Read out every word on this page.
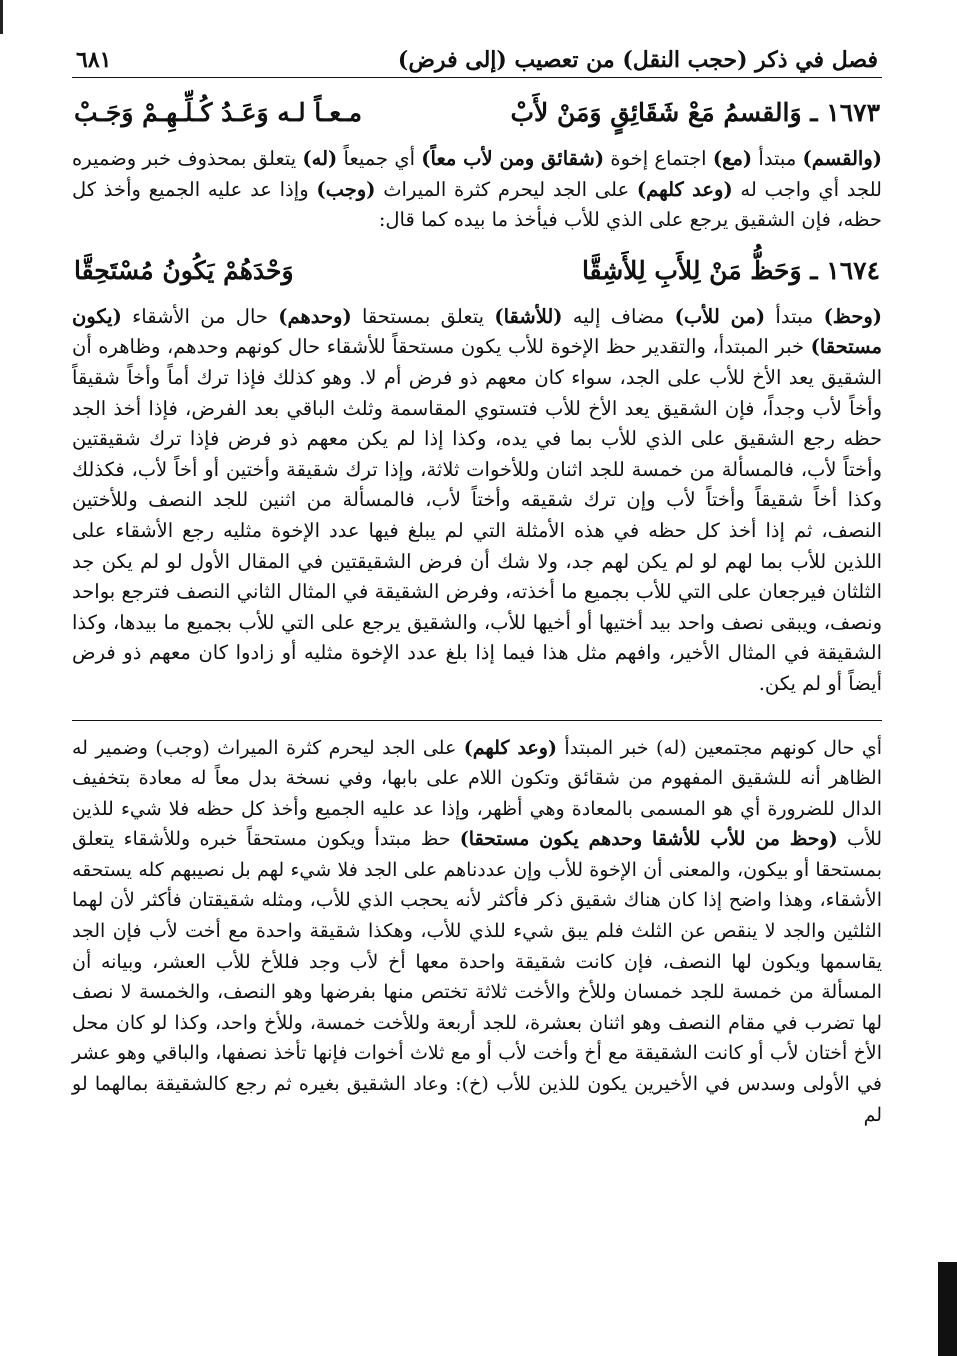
فصل في ذكر (حجب النقل) من تعصيب (إلى فرض)
٦٨١
١٦٧٣ ـ وَالقسمُ مَعْ شَقَائِقٍ وَمَنْ لأَبْ
مـعـاً لـه وَعَـدُ كُـلِّـهِـمْ وَجَـبْ

(والقسم) مبتدأ (مع) اجتماع إخوة (شقائق ومن لأب معاً) أي جميعاً (له) يتعلق بمحذوف خبر وضميره للجد أي واجب له (وعد كلهم) على الجد ليحرم كثرة الميراث (وجب) وإذا عد عليه الجميع وأخذ كل حظه، فإن الشقيق يرجع على الذي للأب فيأخذ ما بيده كما قال:

١٦٧٤ ـ وَحَظُّ مَنْ لِلأَبِ لِلأَشِقَّا
وَحْدَهُمْ يَكُونُ مُسْتَحِقَّا

(وحظ) مبتدأ (من للأب) مضاف إليه (للأشقا) يتعلق بمستحقا (وحدهم) حال من الأشقاء (يكون مستحقا) خبر المبتدأ، والتقدير حظ الإخوة للأب يكون مستحقاً للأشقاء حال كونهم وحدهم، وظاهره أن الشقيق يعد الأخ للأب على الجد، سواء كان معهم ذو فرض أم لا. وهو كذلك فإذا ترك أماً وأخاً شقيقاً وأخاً لأب وجداً، فإن الشقيق يعد الأخ للأب فتستوي المقاسمة وثلث الباقي بعد الفرض، فإذا أخذ الجد حظه رجع الشقيق على الذي للأب بما في يده، وكذا إذا لم يكن معهم ذو فرض فإذا ترك شقيقتين وأختاً لأب، فالمسألة من خمسة للجد اثنان وللأخوات ثلاثة، وإذا ترك شقيقة وأختين أو أخاً لأب، فكذلك وكذا أخاً شقيقاً وأختاً لأب وإن ترك شقيقه وأختاً لأب، فالمسألة من اثنين للجد النصف وللأختين النصف، ثم إذا أخذ كل حظه في هذه الأمثلة التي لم يبلغ فيها عدد الإخوة مثليه رجع الأشقاء على اللذين للأب بما لهم لو لم يكن لهم جد، ولا شك أن فرض الشقيقتين في المقال الأول لو لم يكن جد الثلثان فيرجعان على التي للأب بجميع ما أخذته، وفرض الشقيقة في المثال الثاني النصف فترجع بواحد ونصف، ويبقى نصف واحد بيد أختيها أو أخيها للأب، والشقيق يرجع على التي للأب بجميع ما بيدها، وكذا الشقيقة في المثال الأخير، وافهم مثل هذا فيما إذا بلغ عدد الإخوة مثليه أو زادوا كان معهم ذو فرض أيضاً أو لم يكن.

أي حال كونهم مجتمعين (له) خبر المبتدأ (وعد كلهم) على الجد ليحرم كثرة الميراث (وجب) وضمير له الظاهر أنه للشقيق المفهوم من شقائق وتكون اللام على بابها، وفي نسخة بدل معاً له معادة بتخفيف الدال للضرورة أي هو المسمى بالمعادة وهي أظهر، وإذا عد عليه الجميع وأخذ كل حظه فلا شيء للذين للأب (وحظ من للأب للأشقا وحدهم يكون مستحقا) حظ مبتدأ ويكون مستحقاً خبره وللأشقاء يتعلق بمستحقا أو بيكون، والمعنى أن الإخوة للأب وإن عددناهم على الجد فلا شيء لهم بل نصيبهم كله يستحقه الأشقاء، وهذا واضح إذا كان هناك شقيق ذكر فأكثر لأنه يحجب الذي للأب، ومثله شقيقتان فأكثر لأن لهما الثلثين والجد لا ينقص عن الثلث فلم يبق شيء للذي للأب، وهكذا شقيقة واحدة مع أخت لأب فإن الجد يقاسمها ويكون لها النصف، فإن كانت شقيقة واحدة معها أخ لأب وجد فللأخ للأب العشر، وبيانه أن المسألة من خمسة للجد خمسان وللأخ والأخت ثلاثة تختص منها بفرضها وهو النصف، والخمسة لا نصف لها تضرب في مقام النصف وهو اثنان بعشرة، للجد أربعة وللأخت خمسة، وللأخ واحد، وكذا لو كان محل الأخ أختان لأب أو كانت الشقيقة مع أخ وأخت لأب أو مع ثلاث أخوات فإنها تأخذ نصفها، والباقي وهو عشر في الأولى وسدس في الأخيرين يكون للذين للأب (خ): وعاد الشقيق بغيره ثم رجع كالشقيقة بمالهما لو لم
